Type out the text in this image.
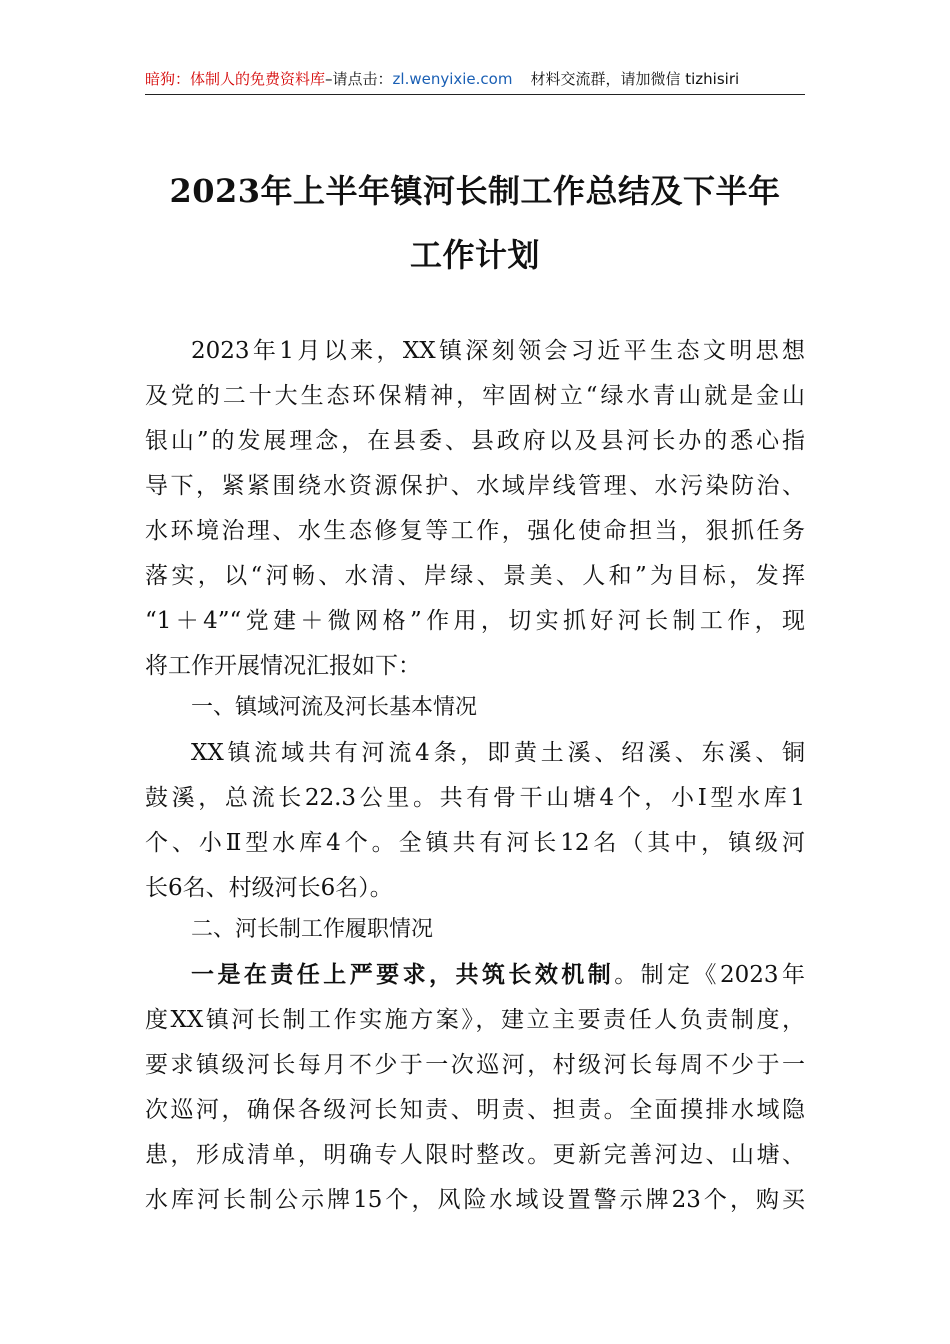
暗狗：体制人的免费资料库–请点击：zl.wenyixie.com 材料交流群，请加微信 tizhisiri
2023年上半年镇河长制工作总结及下半年
工作计划
2023年1月以来，XX镇深刻领会习近平生态文明思想
及党的二十大生态环保精神，牢固树立“绿水青山就是金山
银山”的发展理念，在县委、县政府以及县河长办的悉心指
导下，紧紧围绕水资源保护、水域岸线管理、水污染防治、
水环境治理、水生态修复等工作，强化使命担当，狠抓任务
落实，以“河畅、水清、岸绿、景美、人和”为目标，发挥
“1＋4”“党建＋微网格”作用，切实抓好河长制工作，现
将工作开展情况汇报如下：
一、镇域河流及河长基本情况
XX镇流域共有河流4条，即黄土溪、绍溪、东溪、铜
鼓溪，总流长22.3公里。共有骨干山塘4个，小Ⅰ型水库1
个、小Ⅱ型水库4个。全镇共有河长12名（其中，镇级河
长6名、村级河长6名）。
二、河长制工作履职情况
一是在责任上严要求，共筑长效机制。制定《2023年
度XX镇河长制工作实施方案》，建立主要责任人负责制度，
要求镇级河长每月不少于一次巡河，村级河长每周不少于一
次巡河，确保各级河长知责、明责、担责。全面摸排水域隐
患，形成清单，明确专人限时整改。更新完善河边、山塘、
水库河长制公示牌15个，风险水域设置警示牌23个，购买
